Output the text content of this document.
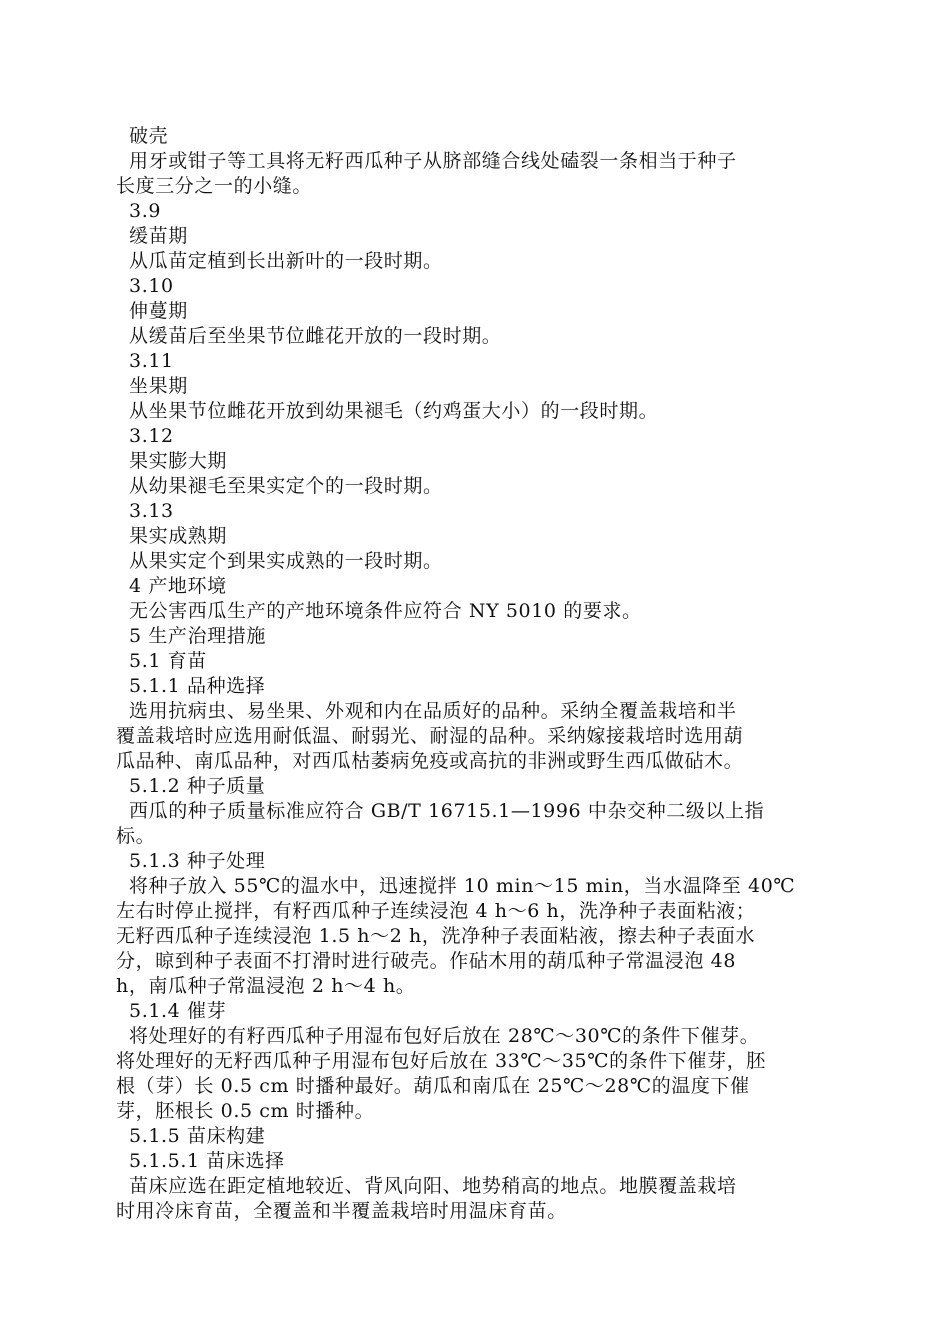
破壳
用牙或钳子等工具将无籽西瓜种子从脐部缝合线处磕裂一条相当于种子
长度三分之一的小缝。
3.9
缓苗期
从瓜苗定植到长出新叶的一段时期。
3.10
伸蔓期
从缓苗后至坐果节位雌花开放的一段时期。
3.11
坐果期
从坐果节位雌花开放到幼果褪毛（约鸡蛋大小）的一段时期。
3.12
果实膨大期
从幼果褪毛至果实定个的一段时期。
3.13
果实成熟期
从果实定个到果实成熟的一段时期。
4 产地环境
无公害西瓜生产的产地环境条件应符合 NY 5010 的要求。
5 生产治理措施
5.1 育苗
5.1.1 品种选择
选用抗病虫、易坐果、外观和内在品质好的品种。采纳全覆盖栽培和半
覆盖栽培时应选用耐低温、耐弱光、耐湿的品种。采纳嫁接栽培时选用葫
瓜品种、南瓜品种，对西瓜枯萎病免疫或高抗的非洲或野生西瓜做砧木。
5.1.2 种子质量
西瓜的种子质量标准应符合 GB/T 16715.1—1996 中杂交种二级以上指
标。
5.1.3 种子处理
将种子放入 55℃的温水中，迅速搅拌 10 min～15 min，当水温降至 40℃
左右时停止搅拌，有籽西瓜种子连续浸泡 4 h～6 h，洗净种子表面粘液；
无籽西瓜种子连续浸泡 1.5 h～2 h，洗净种子表面粘液，擦去种子表面水
分，晾到种子表面不打滑时进行破壳。作砧木用的葫瓜种子常温浸泡 48
h，南瓜种子常温浸泡 2 h～4 h。
5.1.4 催芽
将处理好的有籽西瓜种子用湿布包好后放在 28℃～30℃的条件下催芽。
将处理好的无籽西瓜种子用湿布包好后放在 33℃～35℃的条件下催芽，胚
根（芽）长 0.5 cm 时播种最好。葫瓜和南瓜在 25℃～28℃的温度下催
芽，胚根长 0.5 cm 时播种。
5.1.5 苗床构建
5.1.5.1 苗床选择
苗床应选在距定植地较近、背风向阳、地势稍高的地点。地膜覆盖栽培
时用冷床育苗，全覆盖和半覆盖栽培时用温床育苗。
